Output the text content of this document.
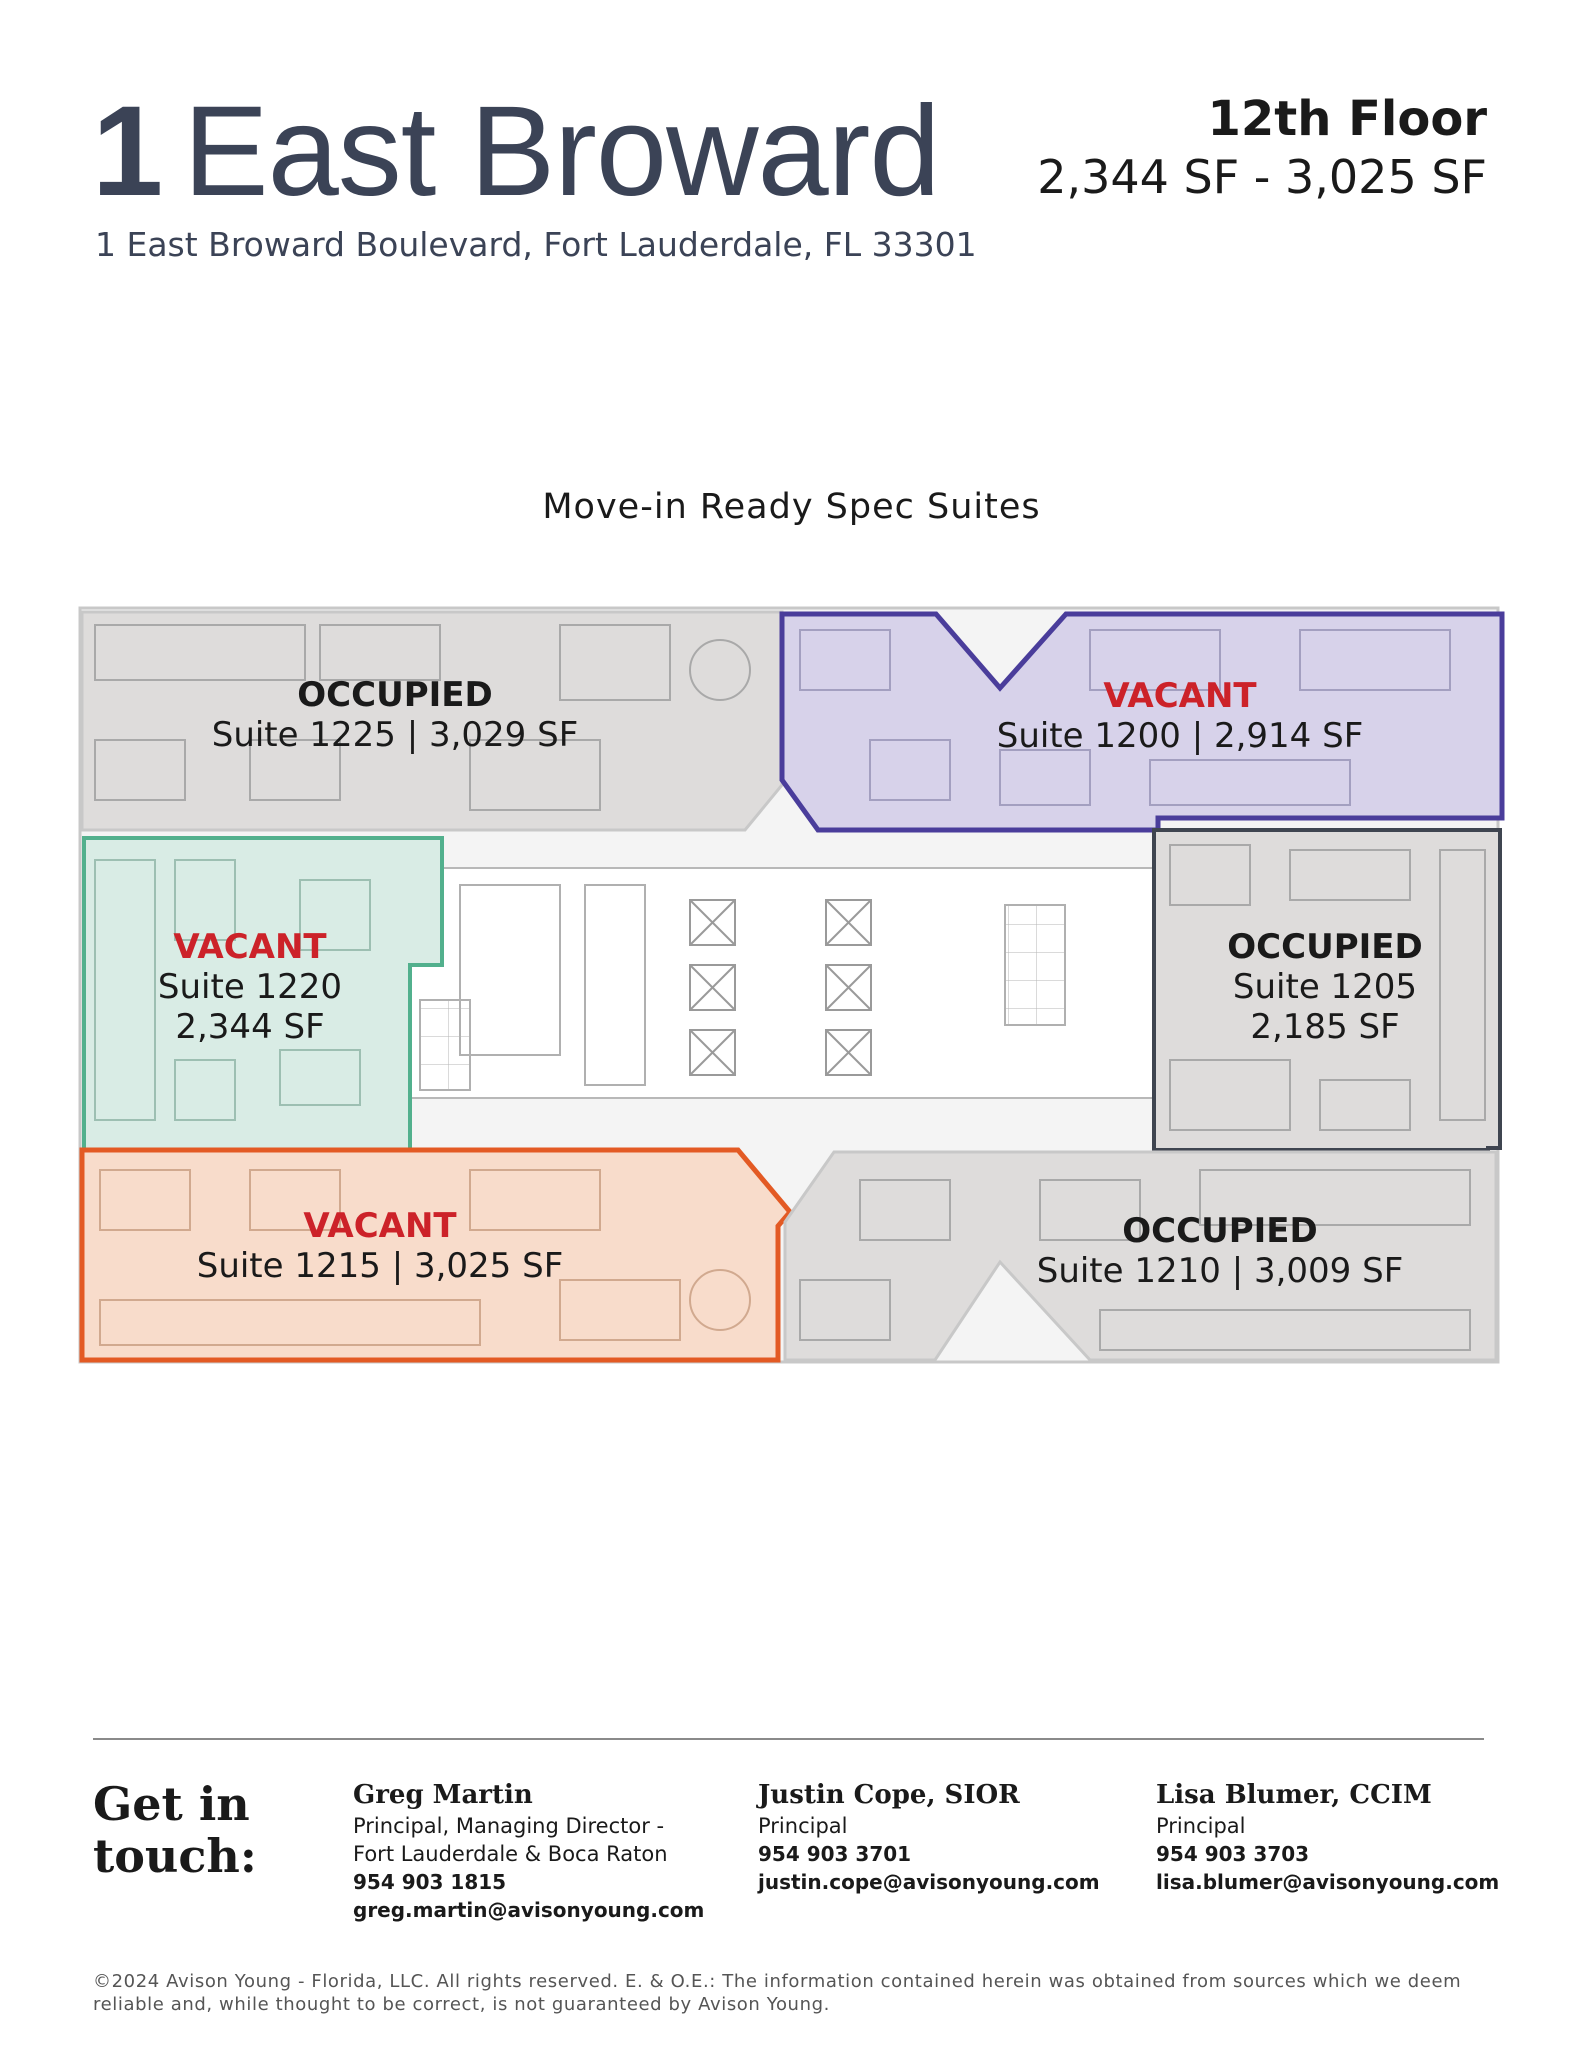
1 East Broward
1 East Broward Boulevard, Fort Lauderdale, FL 33301
12th Floor
2,344 SF - 3,025 SF
Move-in Ready Spec Suites
OCCUPIED
Suite 1225 | 3,029 SF
VACANT
Suite 1200 | 2,914 SF
VACANT
Suite 1220
2,344 SF
OCCUPIED
Suite 1205
2,185 SF
VACANT
Suite 1215 | 3,025 SF
OCCUPIED
Suite 1210 | 3,009 SF
Get in
touch:
Greg Martin
Principal, Managing Director -
Fort Lauderdale & Boca Raton
954 903 1815
greg.martin@avisonyoung.com
Justin Cope, SIOR
Principal
954 903 3701
justin.cope@avisonyoung.com
Lisa Blumer, CCIM
Principal
954 903 3703
lisa.blumer@avisonyoung.com
©2024 Avison Young - Florida, LLC. All rights reserved. E. & O.E.: The information contained herein was obtained from sources which we deem reliable and, while thought to be correct, is not guaranteed by Avison Young.
